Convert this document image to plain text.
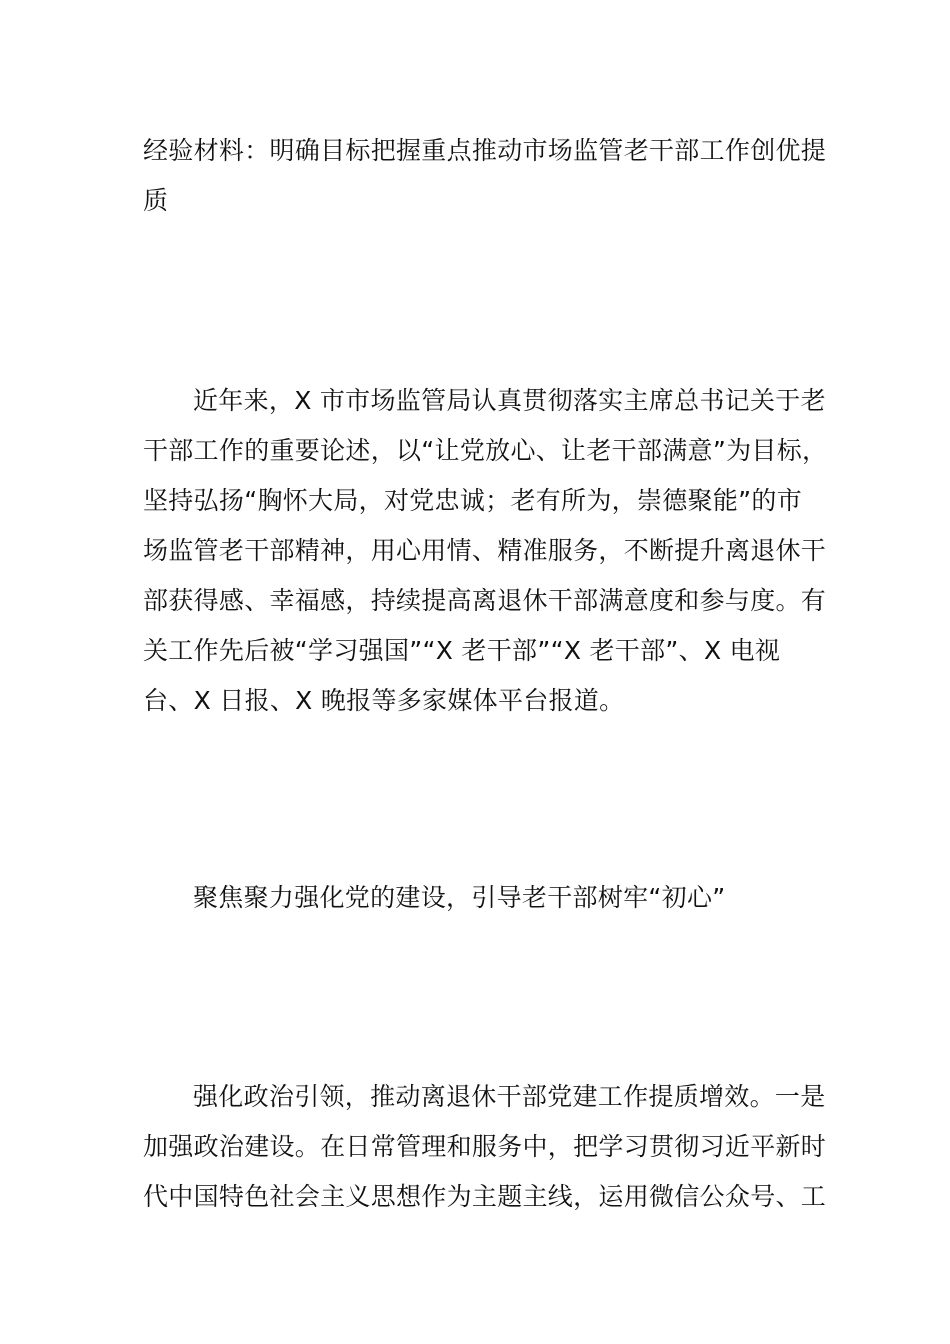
经验材料：明确目标把握重点推动市场监管老干部工作创优提
质
近年来，X 市市场监管局认真贯彻落实主席总书记关于老
干部工作的重要论述，以“让党放心、让老干部满意”为目标，
坚持弘扬“胸怀大局，对党忠诚；老有所为，崇德聚能”的市
场监管老干部精神，用心用情、精准服务，不断提升离退休干
部获得感、幸福感，持续提高离退休干部满意度和参与度。有
关工作先后被“学习强国”“X 老干部”“X 老干部”、X 电视
台、X 日报、X 晚报等多家媒体平台报道。
聚焦聚力强化党的建设，引导老干部树牢“初心”
强化政治引领，推动离退休干部党建工作提质增效。一是
加强政治建设。在日常管理和服务中，把学习贯彻习近平新时
代中国特色社会主义思想作为主题主线，运用微信公众号、工
